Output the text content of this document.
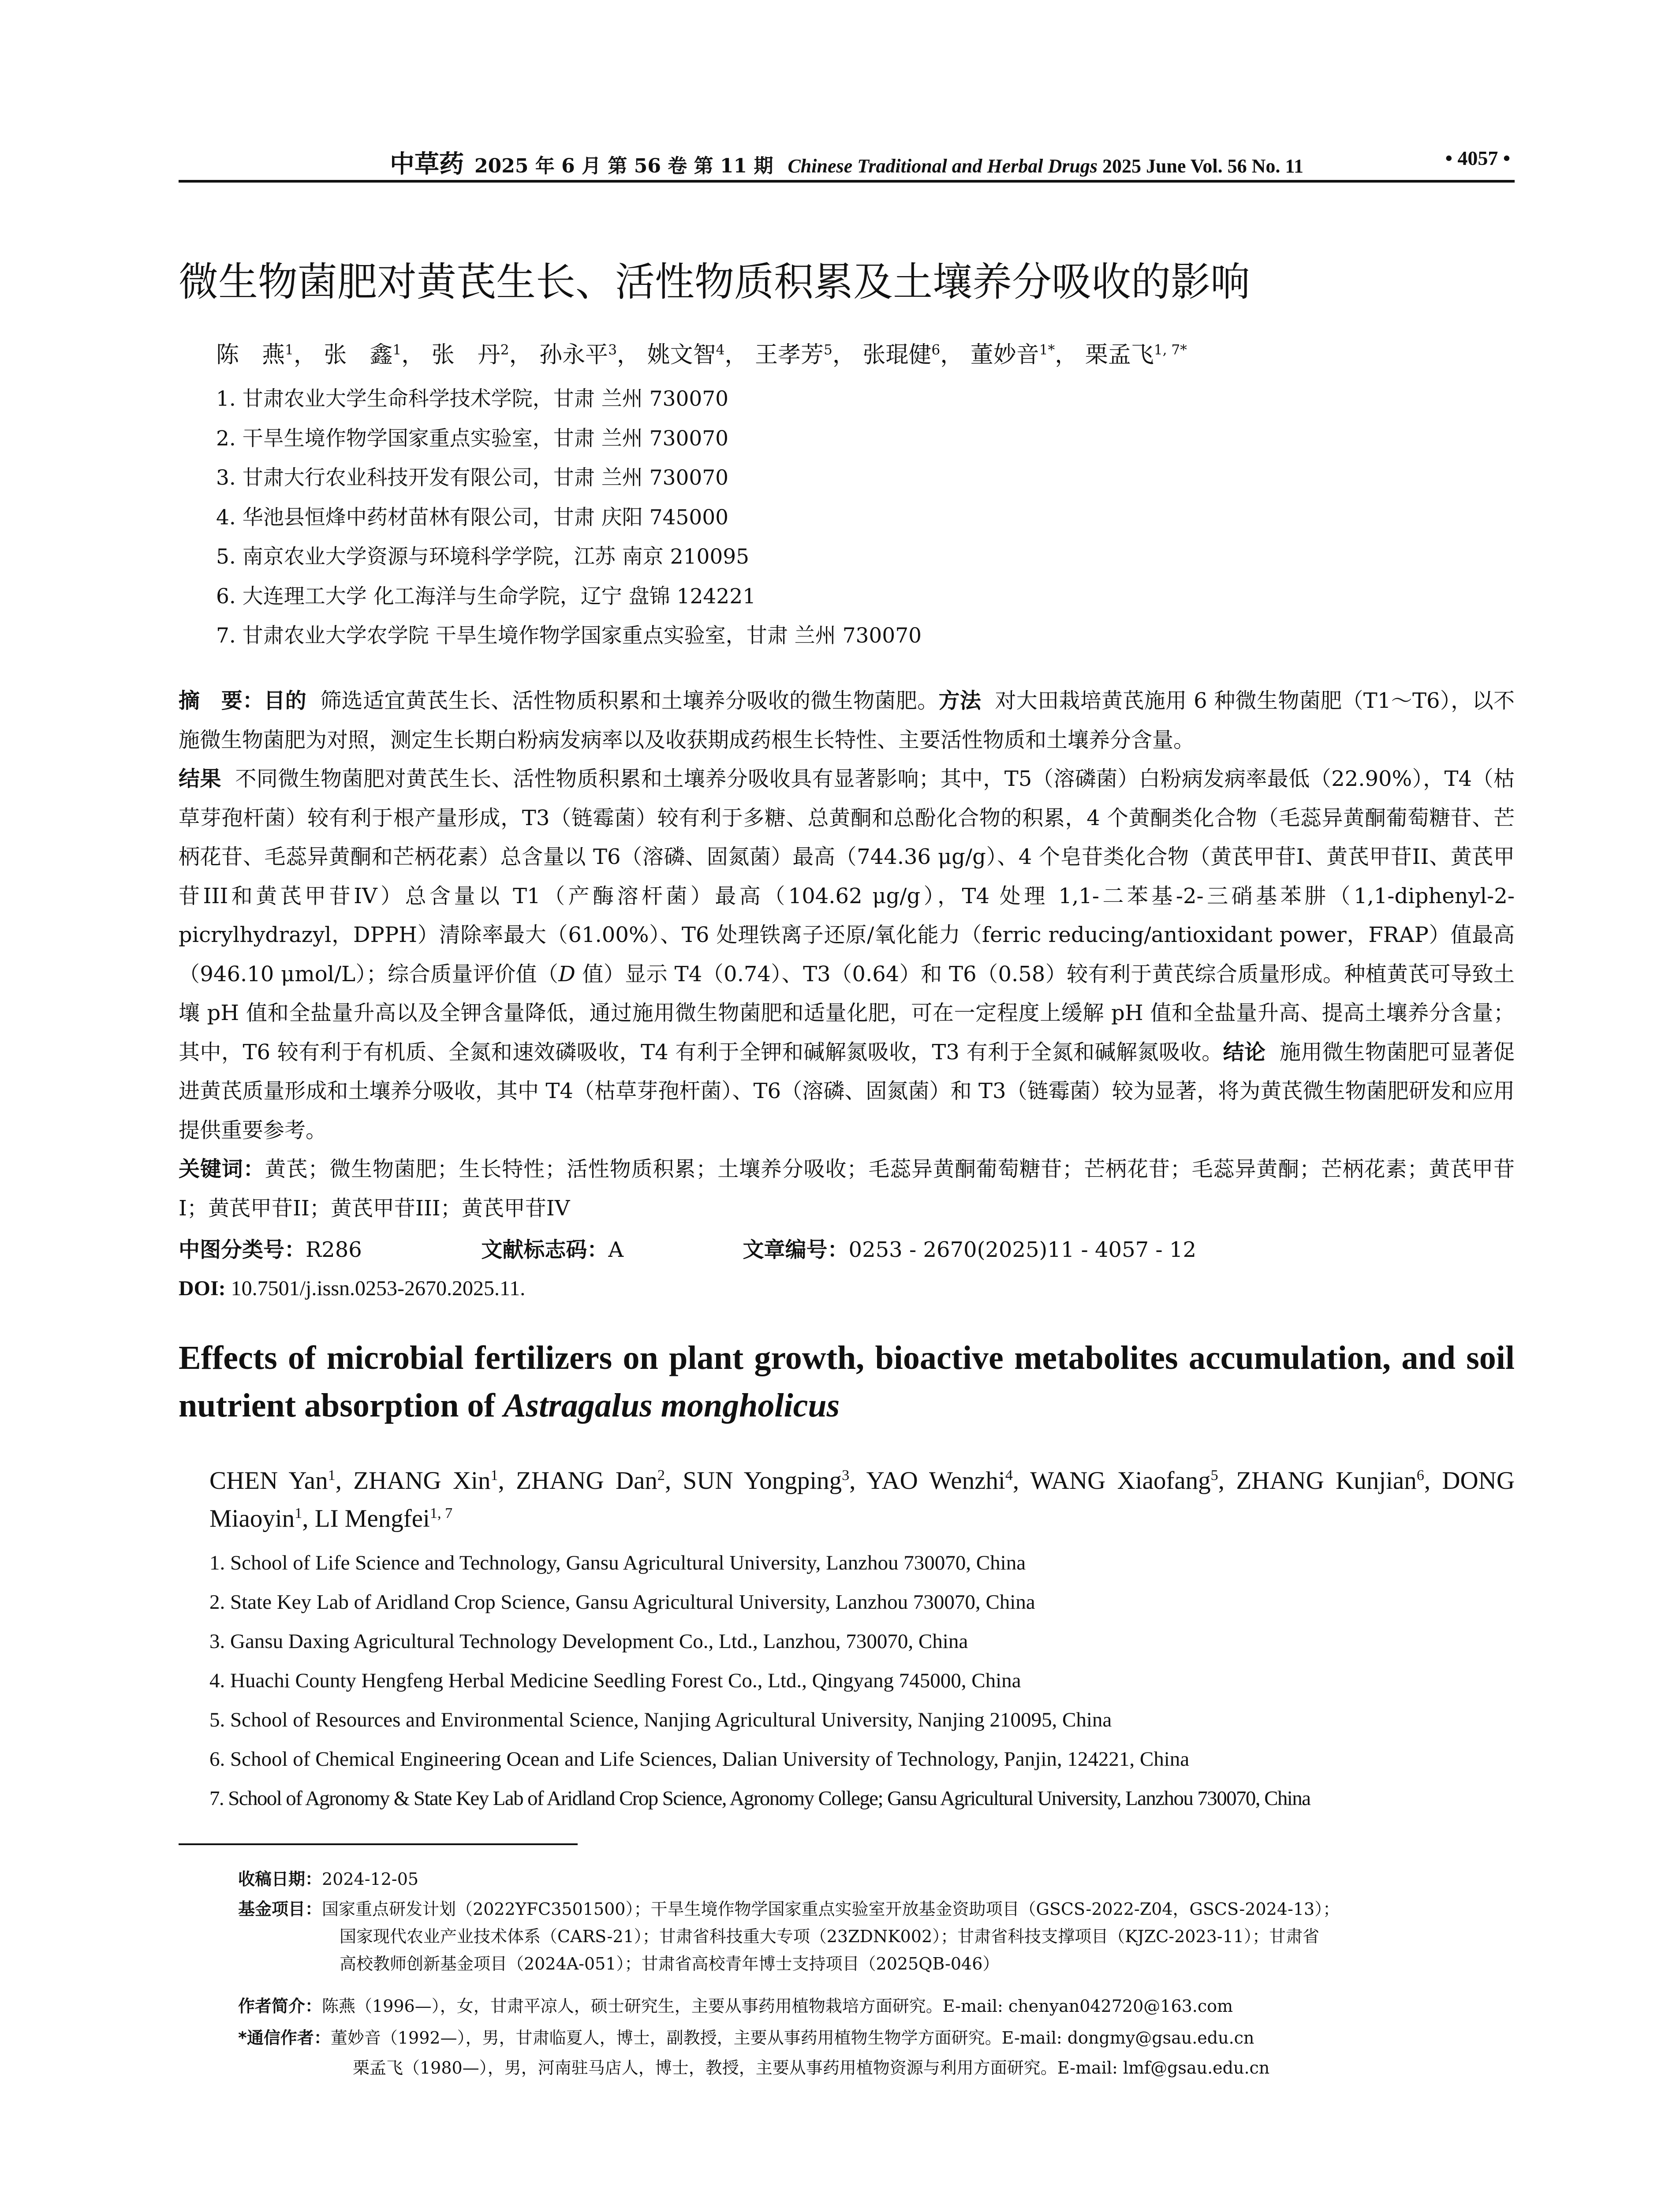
中草药 2025 年 6 月 第 56 卷 第 11 期 Chinese Traditional and Herbal Drugs 2025 June Vol. 56 No. 11	• 4057 •
微生物菌肥对黄芪生长、活性物质积累及土壤养分吸收的影响
陈　燕$^1$， 张　鑫$^1$， 张　丹$^2$， 孙永平$^3$， 姚文智$^4$， 王孝芳$^5$， 张琨健$^6$， 董妙音$^{1*}$， 栗孟飞$^{1, 7*}$
1. 甘肃农业大学生命科学技术学院，甘肃 兰州 730070
2. 干旱生境作物学国家重点实验室，甘肃 兰州 730070
3. 甘肃大行农业科技开发有限公司，甘肃 兰州 730070
4. 华池县恒烽中药材苗林有限公司，甘肃 庆阳 745000
5. 南京农业大学资源与环境科学学院，江苏 南京 210095
6. 大连理工大学 化工海洋与生命学院，辽宁 盘锦 124221
7. 甘肃农业大学农学院 干旱生境作物学国家重点实验室，甘肃 兰州 730070
摘　要：目的 筛选适宜黄芪生长、活性物质积累和土壤养分吸收的微生物菌肥。方法 对大田栽培黄芪施用 6 种微生物菌肥（T1～T6），以不施微生物菌肥为对照，测定生长期白粉病发病率以及收获期成药根生长特性、主要活性物质和土壤养分含量。
结果 不同微生物菌肥对黄芪生长、活性物质积累和土壤养分吸收具有显著影响；其中，T5（溶磷菌）白粉病发病率最低（22.90%），T4（枯草芽孢杆菌）较有利于根产量形成，T3（链霉菌）较有利于多糖、总黄酮和总酚化合物的积累，4 个黄酮类化合物（毛蕊异黄酮葡萄糖苷、芒柄花苷、毛蕊异黄酮和芒柄花素）总含量以 T6（溶磷、固氮菌）最高（744.36 μg/g）、4 个皂苷类化合物（黄芪甲苷I、黄芪甲苷II、黄芪甲苷III和黄芪甲苷IV）总含量以 T1（产酶溶杆菌）最高（104.62 μg/g），T4 处理 1,1-二苯基-2-三硝基苯肼（1,1-diphenyl-2-picrylhydrazyl，DPPH）清除率最大（61.00%）、T6 处理铁离子还原/氧化能力（ferric reducing/antioxidant power，FRAP）值最高（946.10 μmol/L）；综合质量评价值（D 值）显示 T4（0.74）、T3（0.64）和 T6（0.58）较有利于黄芪综合质量形成。种植黄芪可导致土壤 pH 值和全盐量升高以及全钾含量降低，通过施用微生物菌肥和适量化肥，可在一定程度上缓解 pH 值和全盐量升高、提高土壤养分含量；其中，T6 较有利于有机质、全氮和速效磷吸收，T4 有利于全钾和碱解氮吸收，T3 有利于全氮和碱解氮吸收。结论 施用微生物菌肥可显著促进黄芪质量形成和土壤养分吸收，其中 T4（枯草芽孢杆菌）、T6（溶磷、固氮菌）和 T3（链霉菌）较为显著，将为黄芪微生物菌肥研发和应用提供重要参考。
关键词：黄芪；微生物菌肥；生长特性；活性物质积累；土壤养分吸收；毛蕊异黄酮葡萄糖苷；芒柄花苷；毛蕊异黄酮；芒柄花素；黄芪甲苷I；黄芪甲苷II；黄芪甲苷III；黄芪甲苷IV
中图分类号：R286	文献标志码：A	文章编号：0253 - 2670(2025)11 - 4057 - 12
DOI: 10.7501/j.issn.0253-2670.2025.11.
Effects of microbial fertilizers on plant growth, bioactive metabolites accumulation, and soil nutrient absorption of Astragalus mongholicus
CHEN Yan$^1$, ZHANG Xin$^1$, ZHANG Dan$^2$, SUN Yongping$^3$, YAO Wenzhi$^4$, WANG Xiaofang$^5$, ZHANG Kunjian$^6$, DONG Miaoyin$^1$, LI Mengfei$^{1, 7}$
1. School of Life Science and Technology, Gansu Agricultural University, Lanzhou 730070, China
2. State Key Lab of Aridland Crop Science, Gansu Agricultural University, Lanzhou 730070, China
3. Gansu Daxing Agricultural Technology Development Co., Ltd., Lanzhou, 730070, China
4. Huachi County Hengfeng Herbal Medicine Seedling Forest Co., Ltd., Qingyang 745000, China
5. School of Resources and Environmental Science, Nanjing Agricultural University, Nanjing 210095, China
6. School of Chemical Engineering Ocean and Life Sciences, Dalian University of Technology, Panjin, 124221, China
7. School of Agronomy & State Key Lab of Aridland Crop Science, Agronomy College; Gansu Agricultural University, Lanzhou 730070, China
收稿日期：2024-12-05
基金项目：国家重点研发计划（2022YFC3501500）；干旱生境作物学国家重点实验室开放基金资助项目（GSCS-2022-Z04，GSCS-2024-13）；
国家现代农业产业技术体系（CARS-21）；甘肃省科技重大专项（23ZDNK002）；甘肃省科技支撑项目（KJZC-2023-11）；甘肃省
高校教师创新基金项目（2024A-051）；甘肃省高校青年博士支持项目（2025QB-046）
作者简介：陈燕（1996—），女，甘肃平凉人，硕士研究生，主要从事药用植物栽培方面研究。E-mail: chenyan042720@163.com
*通信作者：董妙音（1992—），男，甘肃临夏人，博士，副教授，主要从事药用植物生物学方面研究。E-mail: dongmy@gsau.edu.cn
栗孟飞（1980—），男，河南驻马店人，博士，教授，主要从事药用植物资源与利用方面研究。E-mail: lmf@gsau.edu.cn
